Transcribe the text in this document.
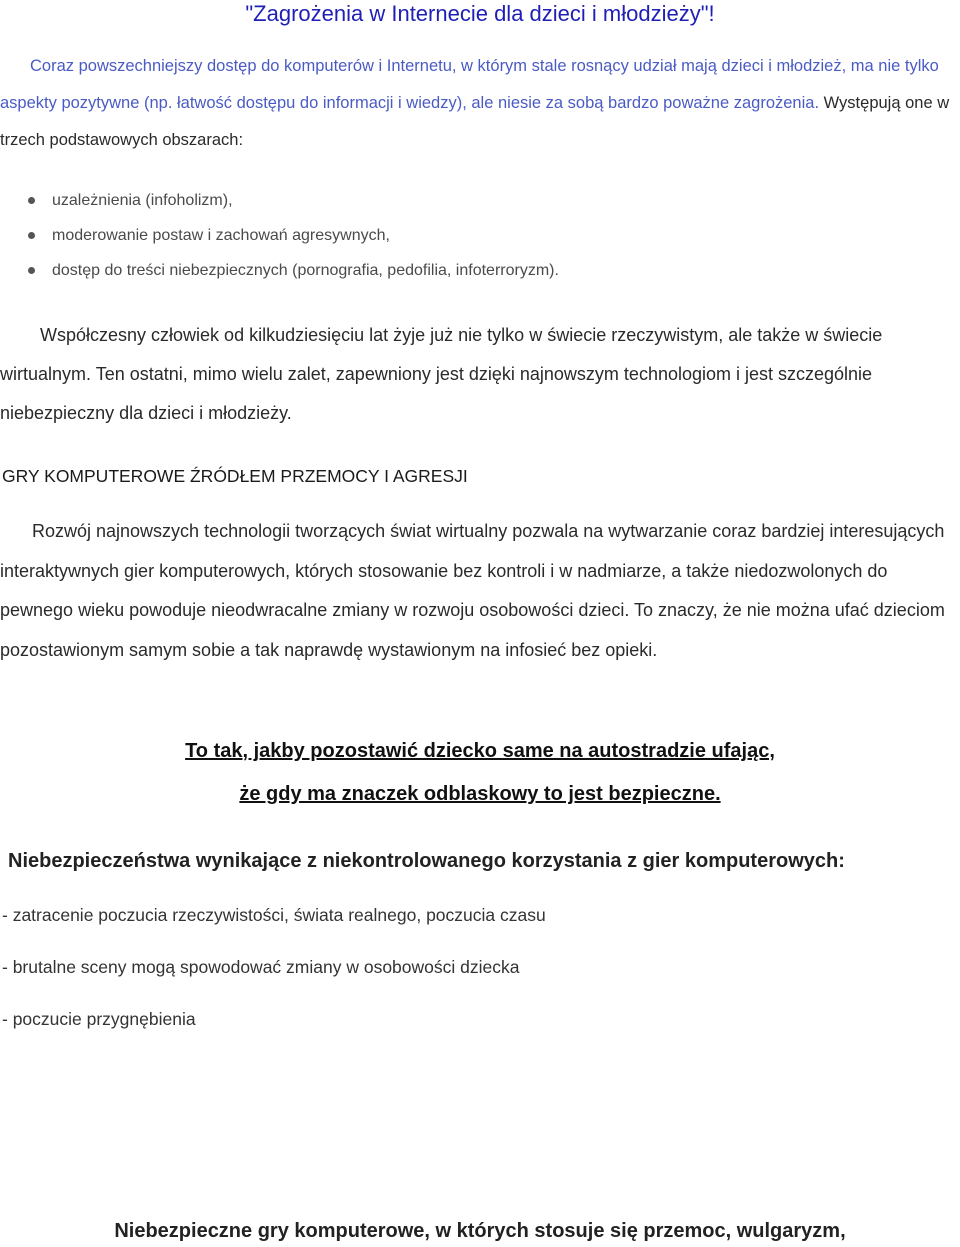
"Zagrożenia w Internecie dla dzieci i młodzieży"!

Coraz powszechniejszy dostęp do komputerów i Internetu, w którym stale rosnący udział mają dzieci i młodzież, ma nie tylko aspekty pozytywne (np. łatwość dostępu do informacji i wiedzy), ale niesie za sobą bardzo poważne zagrożenia. Występują one w trzech podstawowych obszarach:

uzależnienia (infoholizm),
moderowanie postaw i zachowań agresywnych,
dostęp do treści niebezpiecznych (pornografia, pedofilia, infoterroryzm).

Współczesny człowiek od kilkudziesięciu lat żyje już nie tylko w świecie rzeczywistym, ale także w świecie wirtualnym. Ten ostatni, mimo wielu zalet, zapewniony jest dzięki najnowszym technologiom i jest szczególnie niebezpieczny dla dzieci i młodzieży.

GRY KOMPUTEROWE ŹRÓDŁEM PRZEMOCY I AGRESJI

Rozwój najnowszych technologii tworzących świat wirtualny pozwala na wytwarzanie coraz bardziej interesujących interaktywnych gier komputerowych, których stosowanie bez kontroli i w nadmiarze, a także niedozwolonych do pewnego wieku powoduje nieodwracalne zmiany w rozwoju osobowości dzieci. To znaczy, że nie można ufać dzieciom pozostawionym samym sobie a tak naprawdę wystawionym na infosieć bez opieki.

To tak, jakby pozostawić dziecko same na autostradzie ufając,

że gdy ma znaczek odblaskowy to jest bezpieczne.

Niebezpieczeństwa wynikające z niekontrolowanego korzystania z gier komputerowych:

- zatracenie poczucia rzeczywistości, świata realnego, poczucia czasu

- brutalne sceny mogą spowodować zmiany w osobowości dziecka

- poczucie przygnębienia

Niebezpieczne gry komputerowe, w których stosuje się przemoc, wulgaryzm,
